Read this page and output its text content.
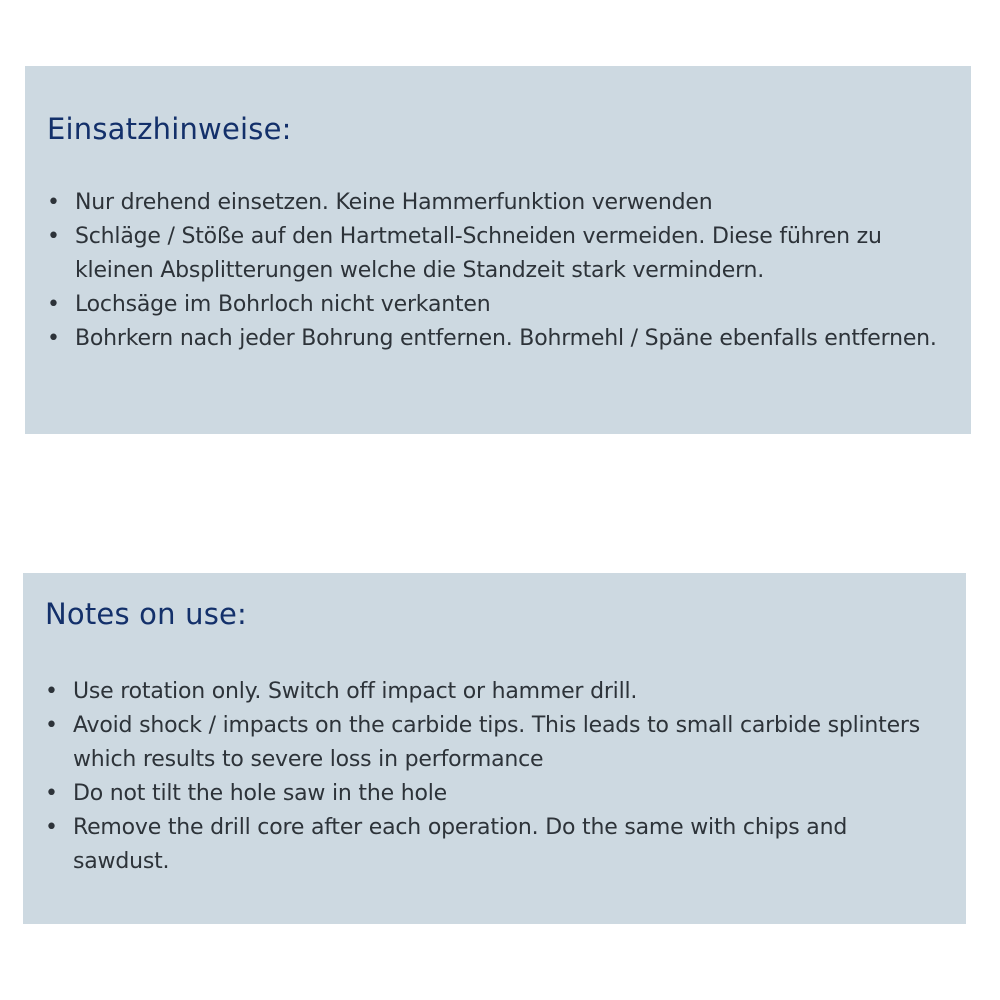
Einsatzhinweise:
• Nur drehend einsetzen. Keine Hammerfunktion verwenden
• Schläge / Stöße auf den Hartmetall-Schneiden vermeiden. Diese führen zu kleinen Absplitterungen welche die Standzeit stark vermindern.
• Lochsäge im Bohrloch nicht verkanten
• Bohrkern nach jeder Bohrung entfernen. Bohrmehl / Späne ebenfalls entfernen.
Notes on use:
• Use rotation only. Switch off impact or hammer drill.
• Avoid shock / impacts on the carbide tips. This leads to small carbide splinters which results to severe loss in performance
• Do not tilt the hole saw in the hole
• Remove the drill core after each operation. Do the same with chips and sawdust.
